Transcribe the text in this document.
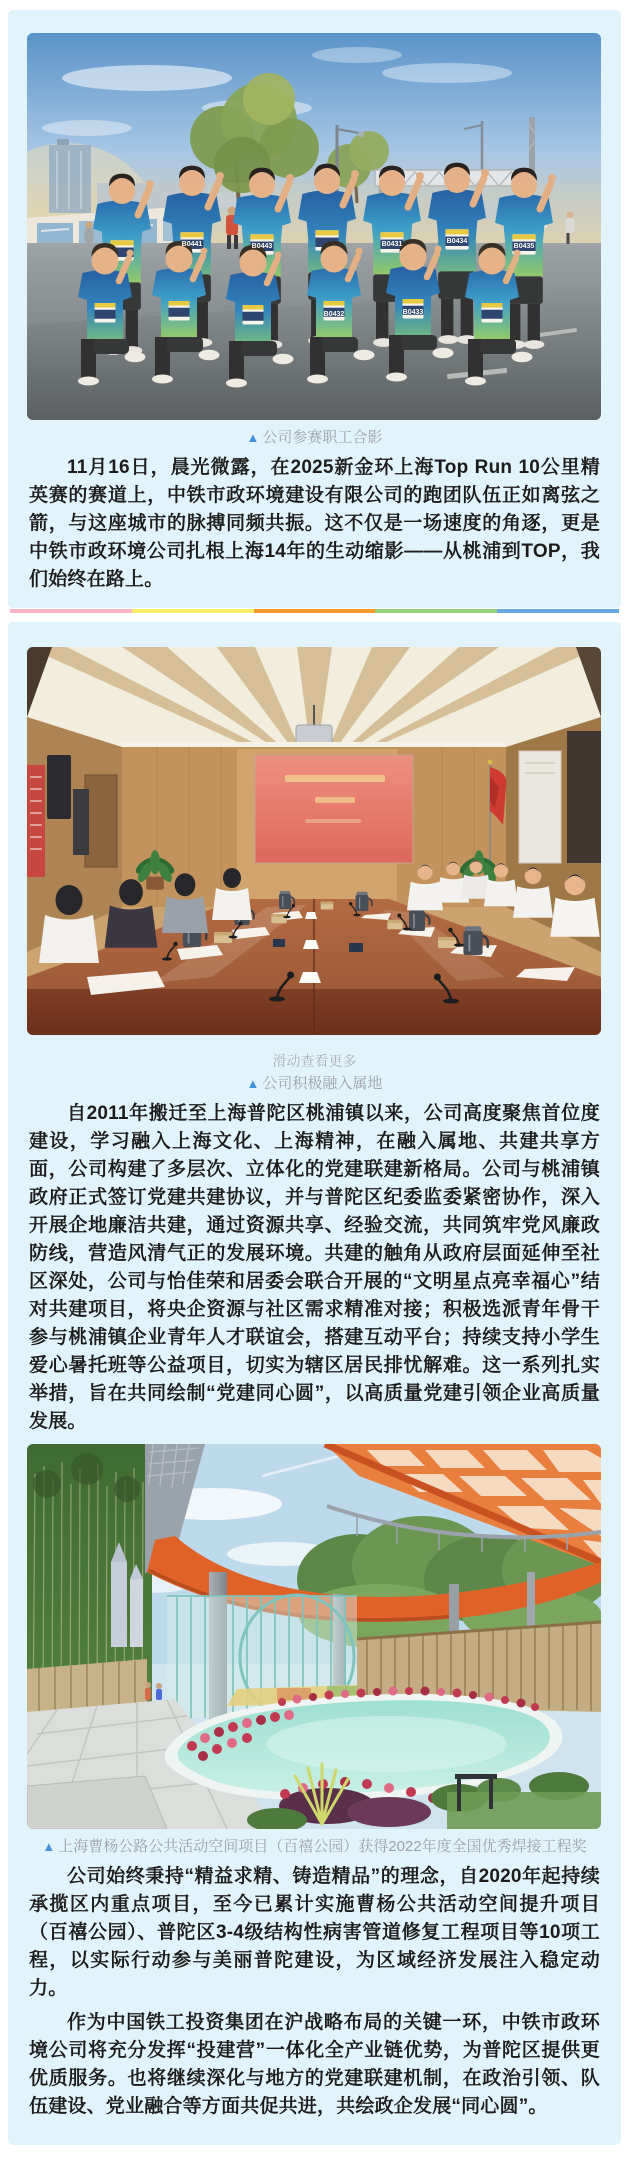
B0441	B0443	B0431	B0434
B0435
B0432	B0433
▲ 公司参赛职工合影

11月16日，晨光微露，在2025新金环上海Top Run 10公里精英赛的赛道上，中铁市政环境建设有限公司的跑团队伍正如离弦之箭，与这座城市的脉搏同频共振。这不仅是一场速度的角逐，更是中铁市政环境公司扎根上海14年的生动缩影——从桃浦到TOP，我们始终在路上。

滑动查看更多
▲ 公司积极融入属地

自2011年搬迁至上海普陀区桃浦镇以来，公司高度聚焦首位度建设，学习融入上海文化、上海精神，在融入属地、共建共享方面，公司构建了多层次、立体化的党建联建新格局。公司与桃浦镇政府正式签订党建共建协议，并与普陀区纪委监委紧密协作，深入开展企地廉洁共建，通过资源共享、经验交流，共同筑牢党风廉政防线，营造风清气正的发展环境。共建的触角从政府层面延伸至社区深处，公司与怡佳荣和居委会联合开展的“文明星点亮幸福心”结对共建项目，将央企资源与社区需求精准对接；积极选派青年骨干参与桃浦镇企业青年人才联谊会，搭建互动平台；持续支持小学生爱心暑托班等公益项目，切实为辖区居民排忧解难。这一系列扎实举措，旨在共同绘制“党建同心圆”，以高质量党建引领企业高质量发展。

▲ 上海曹杨公路公共活动空间项目（百禧公园）获得2022年度全国优秀焊接工程奖

公司始终秉持“精益求精、铸造精品”的理念，自2020年起持续承揽区内重点项目，至今已累计实施曹杨公共活动空间提升项目（百禧公园）、普陀区3-4级结构性病害管道修复工程项目等10项工程，以实际行动参与美丽普陀建设，为区域经济发展注入稳定动力。

作为中国铁工投资集团在沪战略布局的关键一环，中铁市政环境公司将充分发挥“投建营”一体化全产业链优势，为普陀区提供更优质服务。也将继续深化与地方的党建联建机制，在政治引领、队伍建设、党业融合等方面共促共进，共绘政企发展“同心圆”。
